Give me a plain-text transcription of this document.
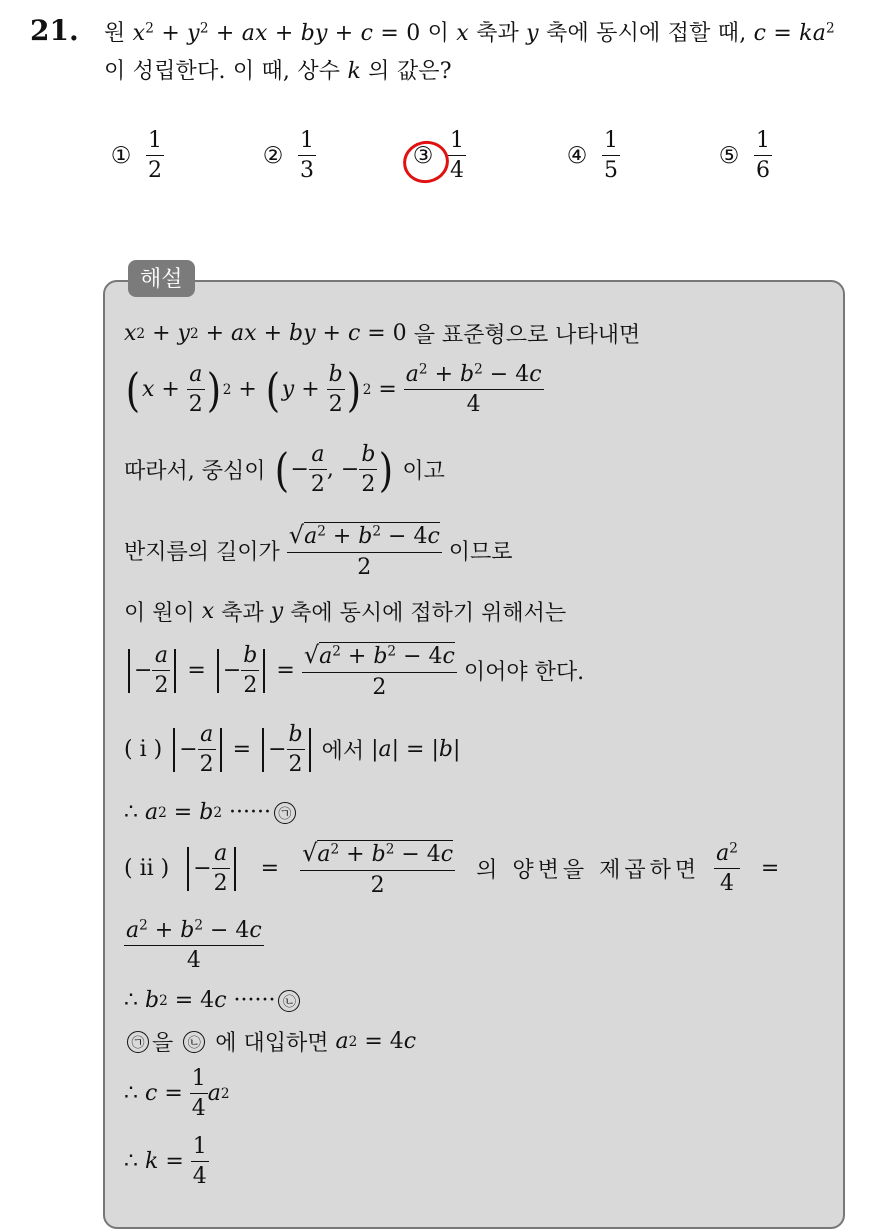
21. 원 $x^2 + y^2$ + ax + by + c = 0 이 x 축과 y 축에 동시에 접할 때, $c = ka^2$
이 성립한다. 이 때, 상수 k 의 값은?
① $\frac{1}{2}$	② $\frac{1}{3}$	③ $\frac{1}{4}$	④ $\frac{1}{5}$	⑤ $\frac{1}{6}$
해설
x 2 + y 2 + ax + by + c = 0 을 표준형으로 나타내면
( $x + \frac{a}{2}$ ) 2 + ( $y + \frac{b}{2}$ ) $2 = \frac{a^2 + b^2 - 4c}{4}$
따라서, 중심이
( − $\frac{a}{2}$ , − $\frac{b}{2}$ )
이고
반지름의 길이가
$\frac{√ a^2 + b^2 - 4c}{2}$
이므로
이 원이
x
축과
y
축에 동시에 접하기 위해서는
− $\frac{a}{2}$ =
− $\frac{b}{2} = \frac{√ a^2 + b^2 - 4c}{2}$
이어야 한다.
( i )
− $\frac{a}{2}$ =
− $\frac{b}{2}$
에서 | a | = | b |
∴ a 2 = b 2 ······ ㉠
( ii )
− $\frac{a}{2} = \frac{√ a^2 + b^2 - 4c}{2}$
의 양변을 제곱하면
$\frac{a^2}{4}$ =
$\frac{a^2 + b^2 - 4c}{4}$
∴ b 2 = 4 c ······ ㉡
㉠ 을
	㉡
에 대입하면
a 2 = 4 c
∴ $c = \frac{1}{4}$ a 2
∴ $k = \frac{1}{4}$
